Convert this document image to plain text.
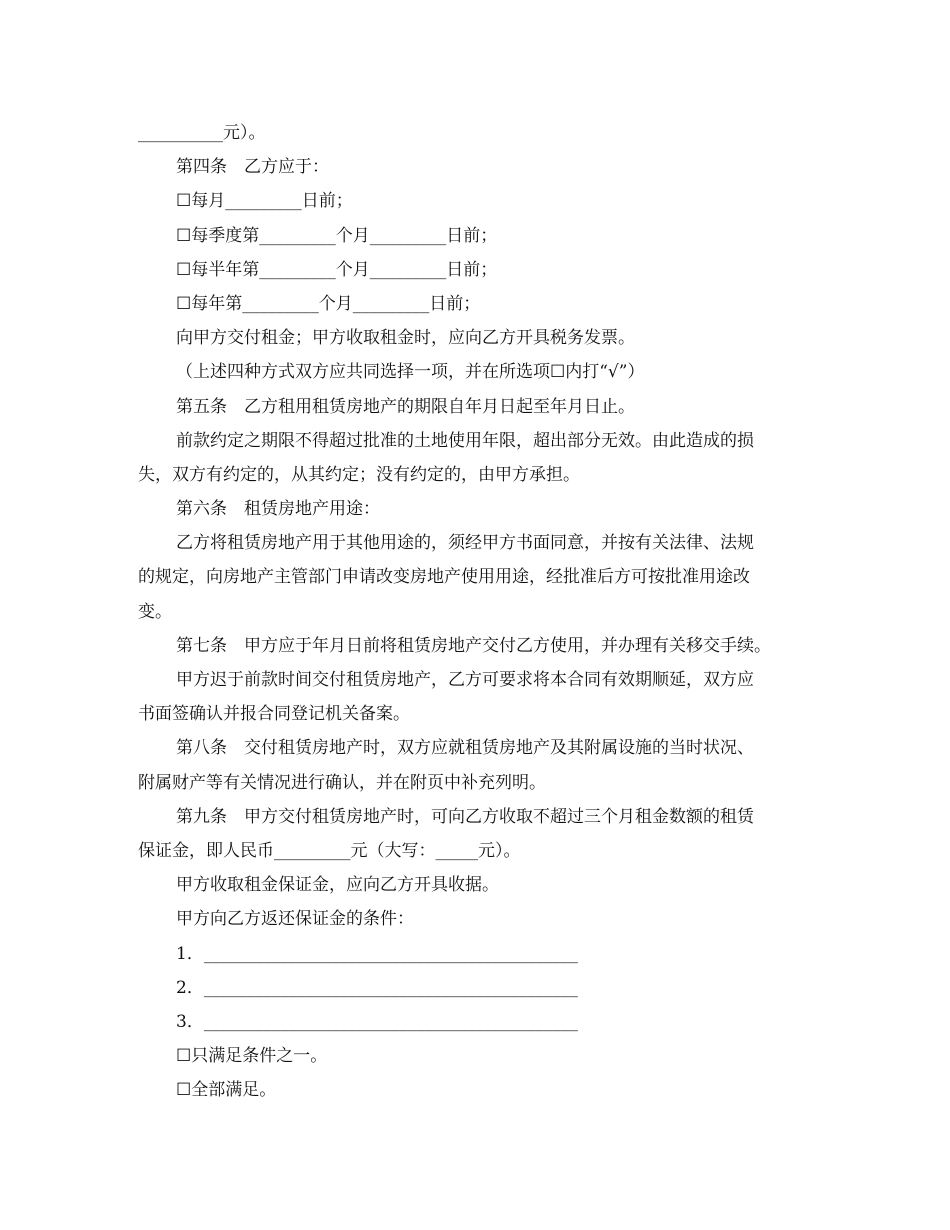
__________元）。
第四条　乙方应于：
☐每月_________日前；
☐每季度第_________个月_________日前；
☐每半年第_________个月_________日前；
☐每年第_________个月_________日前；
向甲方交付租金；甲方收取租金时，应向乙方开具税务发票。
（上述四种方式双方应共同选择一项，并在所选项☐内打“√”）
第五条　乙方租用租赁房地产的期限自年月日起至年月日止。
前款约定之期限不得超过批准的土地使用年限，超出部分无效。由此造成的损
失，双方有约定的，从其约定；没有约定的，由甲方承担。
第六条　租赁房地产用途：
乙方将租赁房地产用于其他用途的，须经甲方书面同意，并按有关法律、法规
的规定，向房地产主管部门申请改变房地产使用用途，经批准后方可按批准用途改
变。
第七条　甲方应于年月日前将租赁房地产交付乙方使用，并办理有关移交手续。
甲方迟于前款时间交付租赁房地产，乙方可要求将本合同有效期顺延，双方应
书面签确认并报合同登记机关备案。
第八条　交付租赁房地产时，双方应就租赁房地产及其附属设施的当时状况、
附属财产等有关情况进行确认，并在附页中补充列明。
第九条　甲方交付租赁房地产时，可向乙方收取不超过三个月租金数额的租赁
保证金，即人民币_________元（大写：_____元）。
甲方收取租金保证金，应向乙方开具收据。
甲方向乙方返还保证金的条件：
1．____________________________________________
2．____________________________________________
3．____________________________________________
☐只满足条件之一。
☐全部满足。
